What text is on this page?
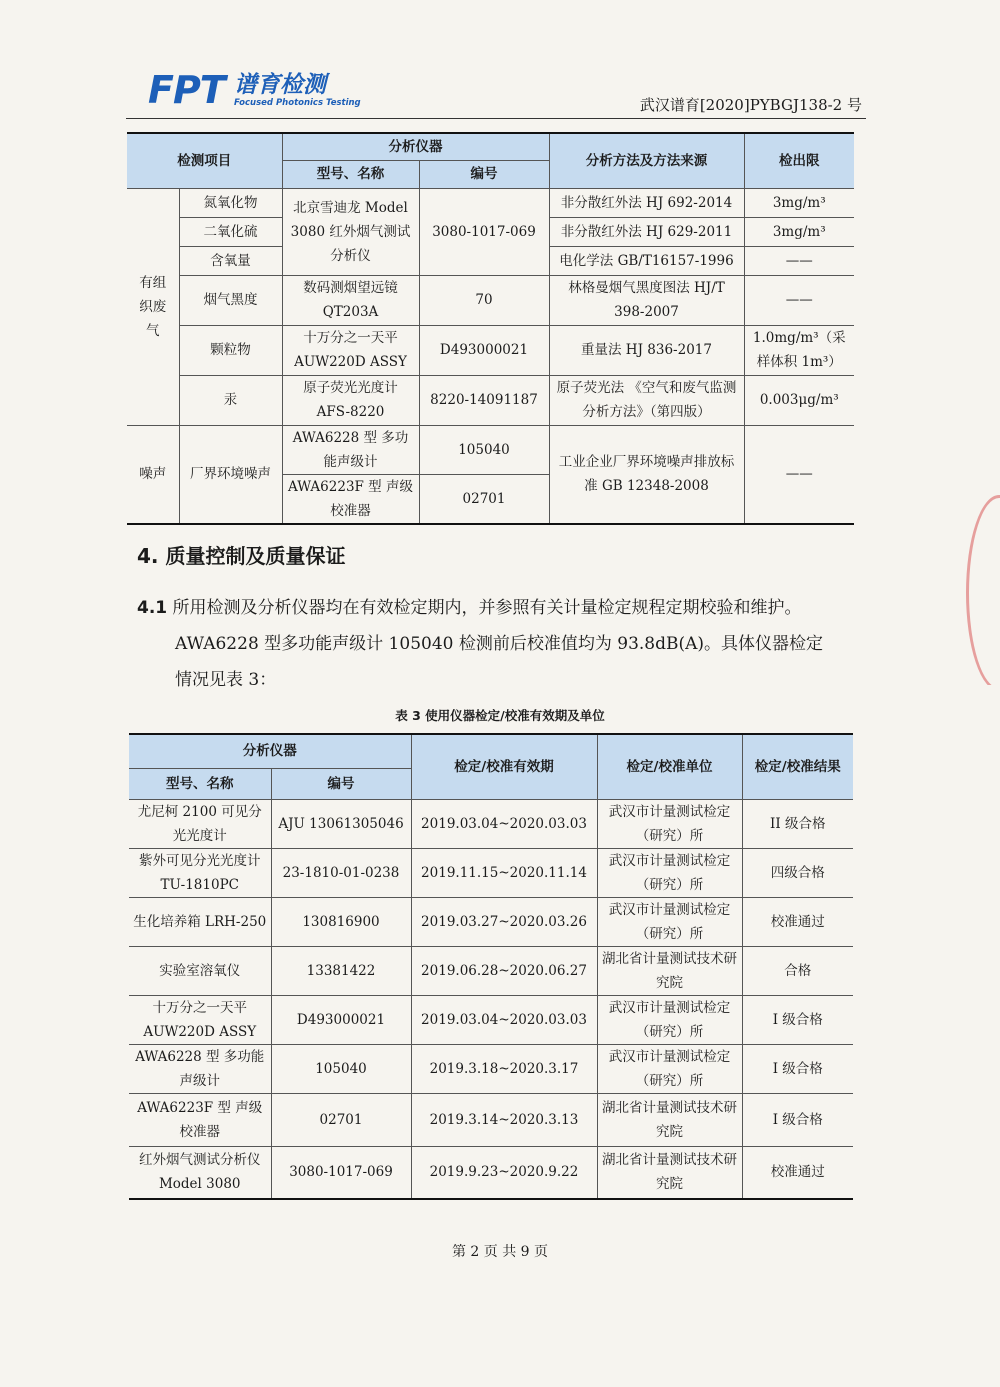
FPT 谱育检测
Focused Photonics Testing	武汉谱育[2020]PYBGJ138-2 号
检测项目		分析仪器		分析方法及方法来源	检出限
		型号、名称	编号		
有组织废气	氮氧化物	北京雪迪龙 Model 3080 红外烟气测试分析仪	3080-1017-069	非分散红外法 HJ 692-2014	3mg/m³
	二氧化硫			非分散红外法 HJ 629-2011	3mg/m³
	含氧量			电化学法 GB/T16157-1996	——
	烟气黑度	数码测烟望远镜 QT203A	70	林格曼烟气黑度图法 HJ/T 398-2007	——
	颗粒物	十万分之一天平 AUW220D ASSY	D493000021	重量法 HJ 836-2017	1.0mg/m³（采样体积 1m³）
	汞	原子荧光光度计 AFS-8220	8220-14091187	原子荧光法 《空气和废气监测分析方法》（第四版）	0.003μg/m³
噪声	厂界环境噪声	AWA6228 型 多功能声级计	105040	工业企业厂界环境噪声排放标准 GB 12348-2008	——
		AWA6223F 型 声级校准器	02701		
4. 质量控制及质量保证
4.1 所用检测及分析仪器均在有效检定期内，并参照有关计量检定规程定期校验和维护。
AWA6228 型多功能声级计 105040 检测前后校准值均为 93.8dB(A)。具体仪器检定
情况见表 3：
表 3 使用仪器检定/校准有效期及单位
分析仪器		检定/校准有效期	检定/校准单位	检定/校准结果
型号、名称	编号			
尤尼柯 2100 可见分光光度计	AJU 13061305046	2019.03.04~2020.03.03	武汉市计量测试检定（研究）所	II 级合格
紫外可见分光光度计 TU-1810PC	23-1810-01-0238	2019.11.15~2020.11.14	武汉市计量测试检定（研究）所	四级合格
生化培养箱 LRH-250	130816900	2019.03.27~2020.03.26	武汉市计量测试检定（研究）所	校准通过
实验室溶氧仪	13381422	2019.06.28~2020.06.27	湖北省计量测试技术研究院	合格
十万分之一天平 AUW220D ASSY	D493000021	2019.03.04~2020.03.03	武汉市计量测试检定（研究）所	I 级合格
AWA6228 型 多功能声级计	105040	2019.3.18~2020.3.17	武汉市计量测试检定（研究）所	I 级合格
AWA6223F 型 声级校准器	02701	2019.3.14~2020.3.13	湖北省计量测试技术研究院	I 级合格
红外烟气测试分析仪 Model 3080	3080-1017-069	2019.9.23~2020.9.22	湖北省计量测试技术研究院	校准通过
第 2 页 共 9 页
